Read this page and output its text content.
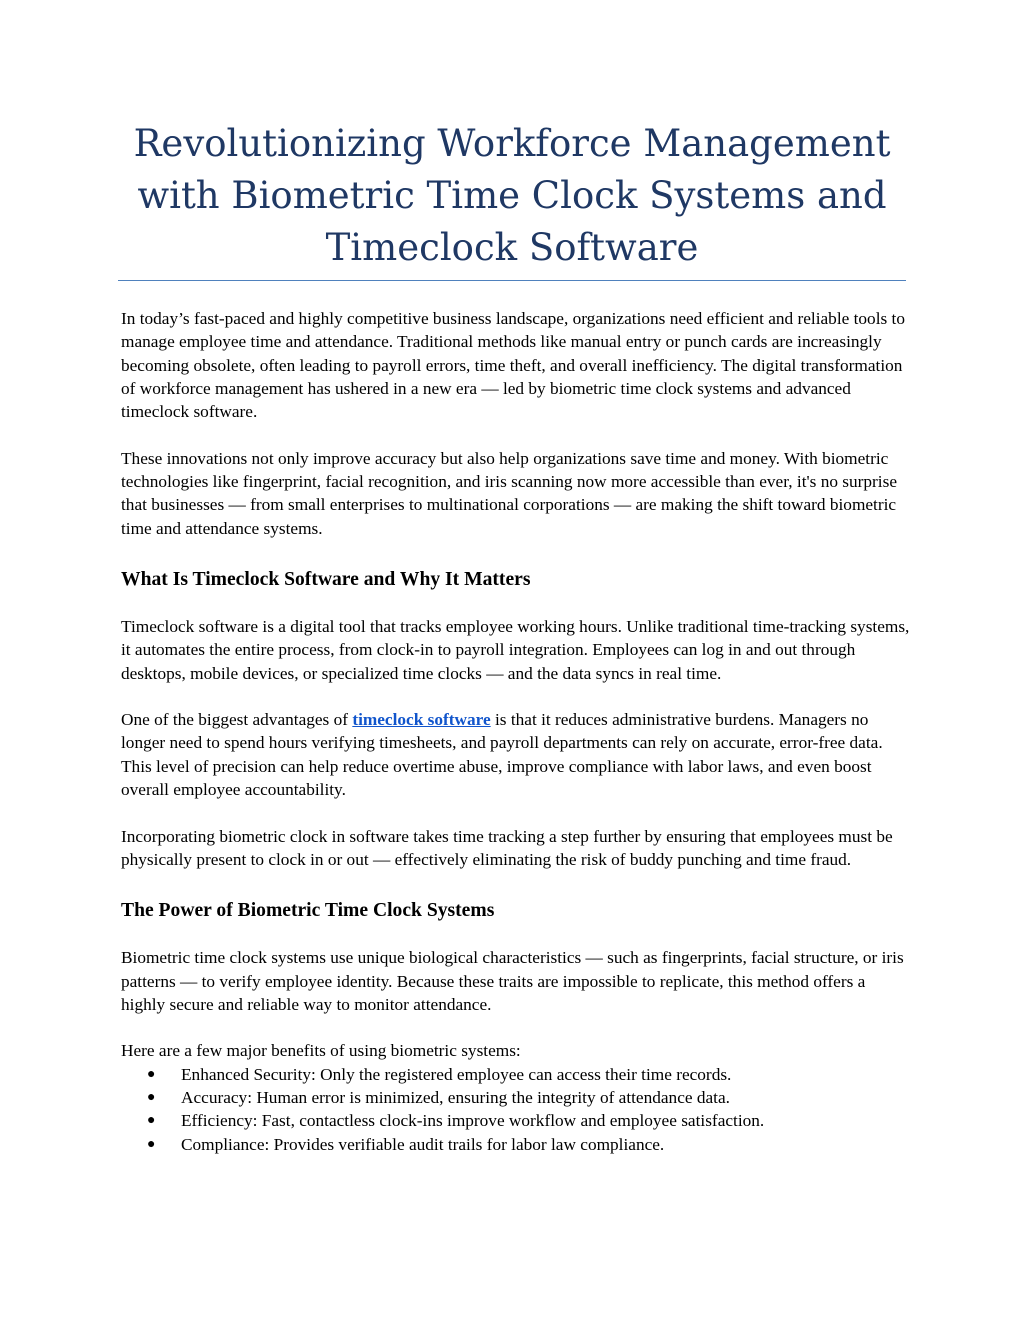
Revolutionizing Workforce Management with Biometric Time Clock Systems and Timeclock Software

In today’s fast-paced and highly competitive business landscape, organizations need efficient and reliable tools to manage employee time and attendance. Traditional methods like manual entry or punch cards are increasingly becoming obsolete, often leading to payroll errors, time theft, and overall inefficiency. The digital transformation of workforce management has ushered in a new era — led by biometric time clock systems and advanced timeclock software.

These innovations not only improve accuracy but also help organizations save time and money. With biometric technologies like fingerprint, facial recognition, and iris scanning now more accessible than ever, it's no surprise that businesses — from small enterprises to multinational corporations — are making the shift toward biometric time and attendance systems.

What Is Timeclock Software and Why It Matters

Timeclock software is a digital tool that tracks employee working hours. Unlike traditional time-tracking systems, it automates the entire process, from clock-in to payroll integration. Employees can log in and out through desktops, mobile devices, or specialized time clocks — and the data syncs in real time.

One of the biggest advantages of timeclock software is that it reduces administrative burdens. Managers no longer need to spend hours verifying timesheets, and payroll departments can rely on accurate, error-free data. This level of precision can help reduce overtime abuse, improve compliance with labor laws, and even boost overall employee accountability.

Incorporating biometric clock in software takes time tracking a step further by ensuring that employees must be physically present to clock in or out — effectively eliminating the risk of buddy punching and time fraud.

The Power of Biometric Time Clock Systems

Biometric time clock systems use unique biological characteristics — such as fingerprints, facial structure, or iris patterns — to verify employee identity. Because these traits are impossible to replicate, this method offers a highly secure and reliable way to monitor attendance.

Here are a few major benefits of using biometric systems:

● Enhanced Security: Only the registered employee can access their time records.
● Accuracy: Human error is minimized, ensuring the integrity of attendance data.
● Efficiency: Fast, contactless clock-ins improve workflow and employee satisfaction.
● Compliance: Provides verifiable audit trails for labor law compliance.
